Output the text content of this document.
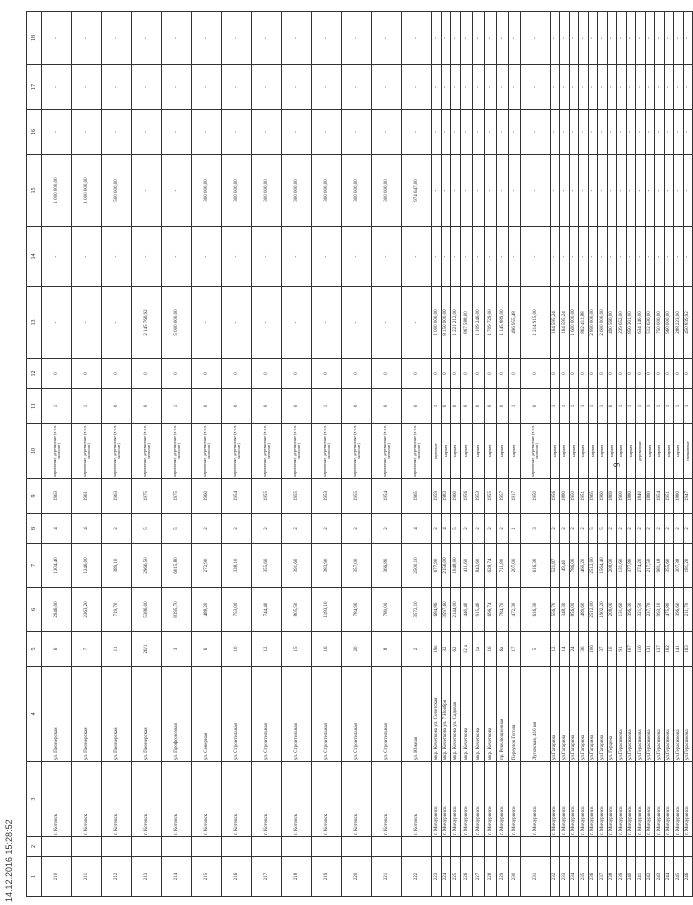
9
1	2	3	4	5	6	7	8	9	10	11	12	13	14	15	16	17	18
210		г. Котовск	ул. Пионерская	6	2946,00	1304,40	4	1963	кирпичные, деревянные (в т.ч. монолит)	1	0	-	-	1 000 000,00	-	-	-
211		г. Котовск	ул. Пионерская	7	2363,20	1246,00	4	1961	кирпичные, деревянные (в т.ч. монолит)	1	0	-	-	1 000 000,00	-	-	-
212		г. Котовск	ул. Пионерская	11	719,70	389,10	2	1963	кирпичные, деревянные (в т.ч. монолит)	0	0	-	-	500 000,00	-	-	-
213		г. Котовск	ул. Пионерская	26/1	5386,00	2966,50	5	1975	кирпичные, деревянные (в т.ч. монолит)	0	0	2 145 766,92	-	-	-	-	-
214		г. Котовск	ул. Профсоюзная	3	8195,70	6015,80	5	1975	кирпичные, деревянные (в т.ч. монолит)	1	0	5 000 000,00	-	-	-	-	-
215		г. Котовск	ул. Северная	6	488,20	272,90	2	1960	кирпичные, деревянные (в т.ч. монолит)	0	0	-	-	300 000,00	-	-	-
216		г. Котовск	ул. Строительная	10	753,00	338,10	2	1954	кирпичные, деревянные (в т.ч. монолит)	0	0	-	-	300 000,00	-	-	-
217		г. Котовск	ул. Строительная	12	744,40	355,60	2	1955	кирпичные, деревянные (в т.ч. монолит)	0	0	-	-	300 000,00	-	-	-
218		г. Котовск	ул. Строительная	15	805,50	391,60	2	1955	кирпичные, деревянные (в т.ч. монолит)	0	0	-	-	300 000,00	-	-	-
219		г. Котовск	ул. Строительная	16	1183,10	383,90	2	1953	кирпичные, деревянные (в т.ч. монолит)	1	0	-	-	300 000,00	-	-	-
220		г. Котовск	ул. Строительная	20	784,90	357,00	2	1955	кирпичные, деревянные (в т.ч. монолит)	0	0	-	-	300 000,00	-	-	-
221		г. Котовск	ул. Строительная	8	780,00	366,80	2	1954	кирпичные, деревянные (в т.ч. монолит)	0	0	-	-	300 000,00	-	-	-
222		г. Котовск	ул. Южная	2	3572,10	2500,10	4	1965	кирпичные, деревянные (в т.ч. монолит)	0	0	-	-	974 647,00	-	-	-
223		г. Мичуринск	мкр. Кочеткова ул. Советская	19в	684,86	677,90	2	1959	щитовые	1	0	1 000 000,00	-	-	-	-	-
224		г. Мичуринск	мкр. Кочеткова ул. 7 Ноября	32	3597,60	2156,00	4	1983	кирпич	0	0	8 150 000,00	-	-	-	-	-
225		г. Мичуринск	мкр. Кочеткова ул. Садовая	62	2144,00	1048,00	5	1960	кирпич	0	0	1 221 212,00	-	-	-	-	-
226		г. Мичуринск	мкр. Кочеткова	12 а	440,40	411,60	2	1956	кирпич	0	0	867 588,00	-	-	-	-	-
227		г. Мичуринск	мкр. Кочеткова	1а	915,40	843,60	2	1953	кирпич	0	0	1 109 246,00	-	-	-	-	-
228		г. Мичуринск	мкр. Кочеткова	16	696,74	628,74	2	1955	кирпич	0	0	1 709 729,00	-	-	-	-	-
229		г. Мичуринск	пр. Революционная	6а	784,70	711,80	2	1957	кирпич	0	0	1 145 889,00	-	-	-	-	-
230		г. Мичуринск	Переулок Гоголя	17	472,30	207,00	1	1917	кирпич	1	0	496 955,48	-	-	-	-	-
231		г. Мичуринск	Луговская, 410 км	5	616,30	616,30	3	1950	кирпичные, деревянные (в т.ч. монолит)	0	0	1 214 915,00	-	-	-	-	-
232		г. Мичуринск	ул.Гагарина	12	556,70	521,87	2	1956	кирпич	1	0	164 595,24	-	-	-	-	-
233		г. Мичуринск	ул.Гагарина	14	348,30	49,40	2	1880	кирпич	1	0	164 595,24	-	-	-	-	-
234		г. Мичуринск	ул.Гагарина	24	856,00	786,00	2	1950	кирпич	1	0	1 600 000,00	-	-	-	-	-
235		г. Мичуринск	ул.Гагарина	36	489,60	460,20	2	1951	кирпич	1	0	862 411,88	-	-	-	-	-
236		г. Мичуринск	ул.Гагарина	106	2512,00	2512,00	5	1965	кирпич	1	0	2 800 000,00	-	-	-	-	-
237		г. Мичуринск	ул.Гагарина	37	1902,20	1564,40	5	1960	кирпич	1	0	2 600 000,00	-	-	-	-	-
238		г. Мичуринск	ул. Герцена	10	208,00	208,00	2	1869	кирпич	0	0	490 560,00	-	-	-	-	-
239		г. Мичуринск	ул.Герасимова	91	131,60	131,60	2	1900	кирпич	1	0	239 652,00	-	-	-	-	-
240		г. Мичуринск	ул.Герасимова	107	396,30	377,80	2	1880	кирпич	1	0	850 301,00	-	-	-	-	-
241		г. Мичуринск	ул.Герасимова	116	321,50	274,20	2	1840	деревянные	1	0	634 140,00	-	-	-	-	-
242		г. Мичуринск	ул.Герасимова	131	237,70	217,50	2	1880	кирпич	1	0	512 630,00	-	-	-	-	-
243		г. Мичуринск	ул.Герасимова	137	993,10	981,18	2	1954	кирпич	1	0	750 000,00	-	-	-	-	-
244		г. Мичуринск	ул.Герасимова	162	475,80	355,60	2	1951	кирпич	1	0	960 000,00	-	-	-	-	-
245		г. Мичуринск	ул.Герасимова	141	396,60	307,38	2	1880	кирпич	1	0	288 223,00	-	-	-	-	-
246		г. Мичуринск	ул.Герасимова	163	211,70	181,20	2	1947	смешанные	1	0	450 839,92	-	-	-	-	-
14.12.2016 15:28:52
